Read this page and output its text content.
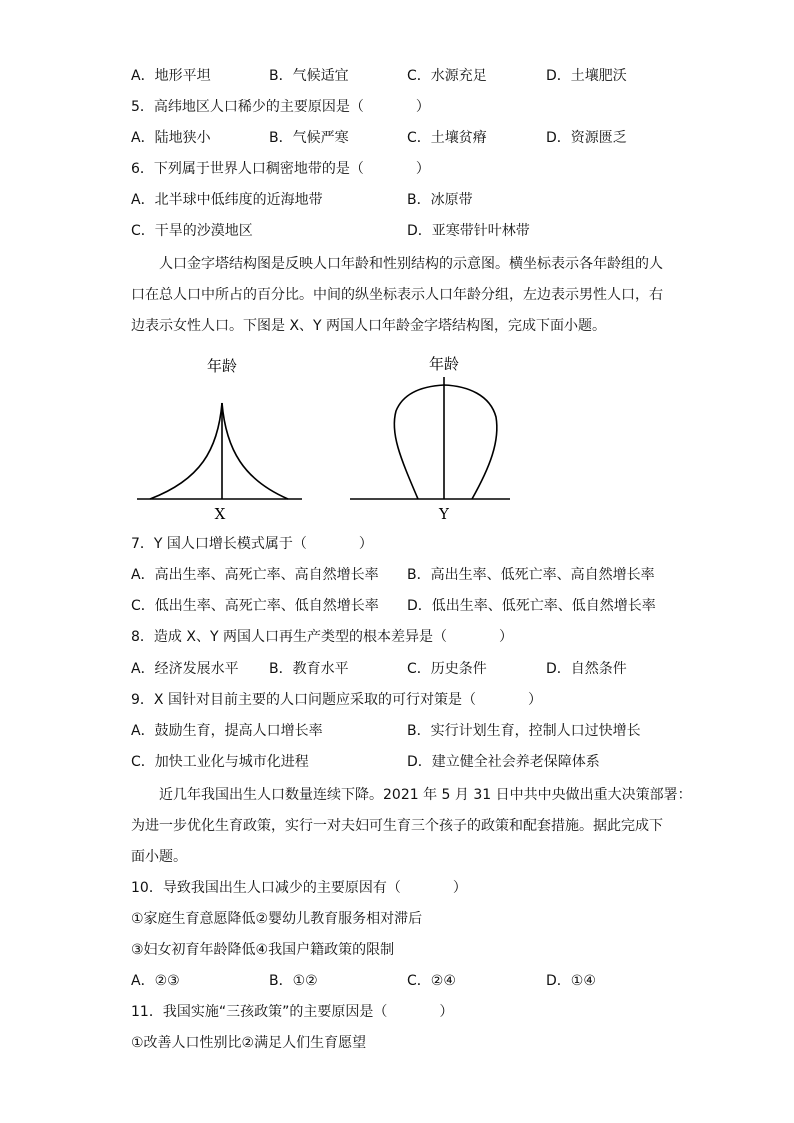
A．地形平坦	B．气候适宜	C．水源充足	D．土壤肥沃
5．高纬地区人口稀少的主要原因是（	）
A．陆地狭小	B．气候严寒	C．土壤贫瘠	D．资源匮乏
6．下列属于世界人口稠密地带的是（	）
A．北半球中低纬度的近海地带	B．冰原带
C．干旱的沙漠地区	D．亚寒带针叶林带
人口金字塔结构图是反映人口年龄和性别结构的示意图。横坐标表示各年龄组的人
口在总人口中所占的百分比。中间的纵坐标表示人口年龄分组，左边表示男性人口，右
边表示女性人口。下图是 X、Y 两国人口年龄金字塔结构图，完成下面小题。
年龄
X
年龄
Y
7．Y 国人口增长模式属于（	）
A．高出生率、高死亡率、高自然增长率 B．高出生率、低死亡率、高自然增长率
C．低出生率、高死亡率、低自然增长率 D．低出生率、低死亡率、低自然增长率
8．造成 X、Y 两国人口再生产类型的根本差异是（	）
A．经济发展水平 B．教育水平	C．历史条件	D．自然条件
9．X 国针对目前主要的人口问题应采取的可行对策是（	）
A．鼓励生育，提高人口增长率	B．实行计划生育，控制人口过快增长
C．加快工业化与城市化进程	D．建立健全社会养老保障体系
近几年我国出生人口数量连续下降。2021 年 5 月 31 日中共中央做出重大决策部署：
为进一步优化生育政策，实行一对夫妇可生育三个孩子的政策和配套措施。据此完成下
面小题。
10．导致我国出生人口减少的主要原因有（	）
①家庭生育意愿降低②婴幼儿教育服务相对滞后
③妇女初育年龄降低④我国户籍政策的限制
A．②③	B．①②	C．②④	D．①④
11．我国实施“三孩政策”的主要原因是（	）
①改善人口性别比②满足人们生育愿望
